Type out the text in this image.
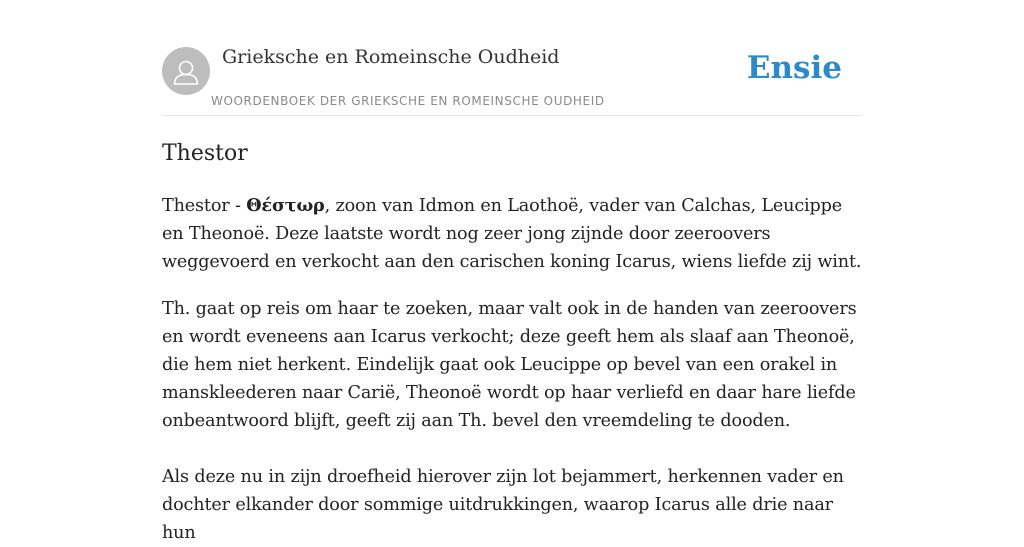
Grieksche en Romeinsche Oudheid
WOORDENBOEK DER GRIEKSCHE EN ROMEINSCHE OUDHEID
Ensie
Thestor

Thestor - Θέστωρ, zoon van Idmon en Laothoë, vader van Calchas, Leucippe en Theonoë. Deze laatste wordt nog zeer jong zijnde door zeeroovers weggevoerd en verkocht aan den carischen koning Icarus, wiens liefde zij wint.

Th. gaat op reis om haar te zoeken, maar valt ook in de handen van zeeroovers en wordt eveneens aan Icarus verkocht; deze geeft hem als slaaf aan Theonoë, die hem niet herkent. Eindelijk gaat ook Leucippe op bevel van een orakel in manskleederen naar Carië, Theonoë wordt op haar verliefd en daar hare liefde onbeantwoord blijft, geeft zij aan Th. bevel den vreemdeling te dooden.

Als deze nu in zijn droefheid hierover zijn lot bejammert, herkennen vader en dochter elkander door sommige uitdrukkingen, waarop Icarus alle drie naar hun
